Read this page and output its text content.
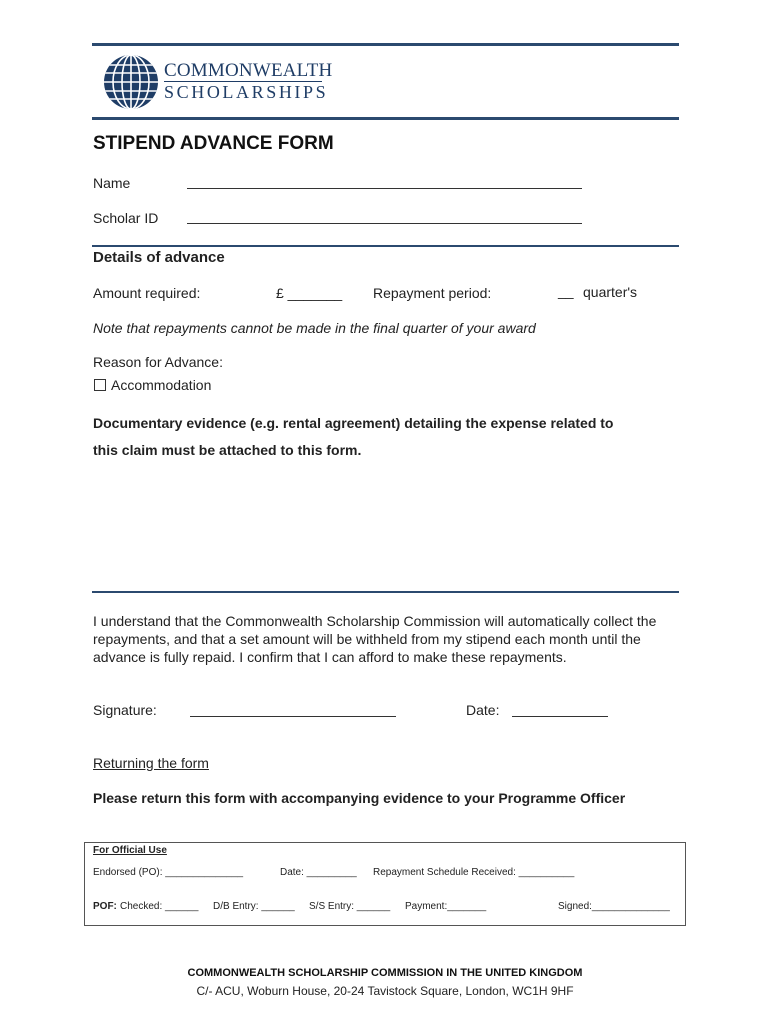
COMMONWEALTH
SCHOLARSHIPS
STIPEND ADVANCE FORM
Name
Scholar ID
Details of advance
Amount required:	£ _______ Repayment period:	__ quarter's
Note that repayments cannot be made in the final quarter of your award
Reason for Advance:
Accommodation
Documentary evidence (e.g. rental agreement) detailing the expense related to
this claim must be attached to this form.
I understand that the Commonwealth Scholarship Commission will automatically collect the repayments, and that a set amount will be withheld from my stipend each month until the advance is fully repaid. I confirm that I can afford to make these repayments.
Signature:	Date:
Returning the form
Please return this form with accompanying evidence to your Programme Officer
For Official Use
Endorsed (PO): ______________	Date: _________ Repayment Schedule Received: __________
POF: Checked: ______ D/B Entry: ______ S/S Entry: ______ Payment:_______	Signed:______________
COMMONWEALTH SCHOLARSHIP COMMISSION IN THE UNITED KINGDOM
C/- ACU, Woburn House, 20-24 Tavistock Square, London, WC1H 9HF
